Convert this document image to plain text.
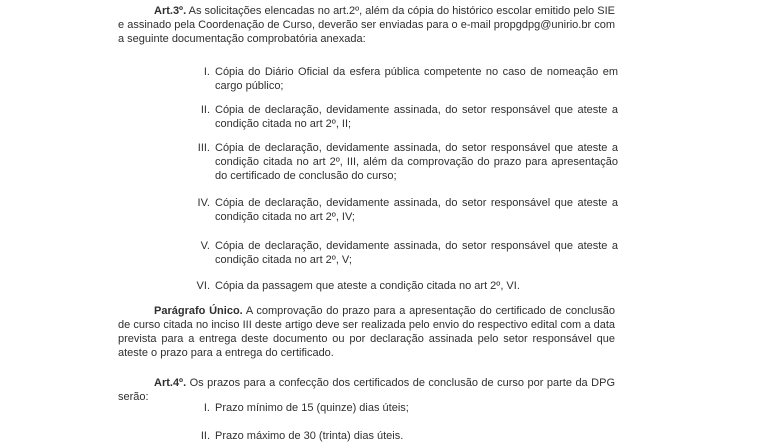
Art.3º. As solicitações elencadas no art.2º, além da cópia do histórico escolar emitido pelo SIE e assinado pela Coordenação de Curso, deverão ser enviadas para o e-mail propgdpg@unirio.br com a seguinte documentação comprobatória anexada:

I. Cópia do Diário Oficial da esfera pública competente no caso de nomeação em cargo público;
II. Cópia de declaração, devidamente assinada, do setor responsável que ateste a condição citada no art 2º, II;
III. Cópia de declaração, devidamente assinada, do setor responsável que ateste a condição citada no art 2º, III, além da comprovação do prazo para apresentação do certificado de conclusão do curso;
IV. Cópia de declaração, devidamente assinada, do setor responsável que ateste a condição citada no art 2º, IV;
V. Cópia de declaração, devidamente assinada, do setor responsável que ateste a condição citada no art 2º, V;
VI. Cópia da passagem que ateste a condição citada no art 2º, VI.

Parágrafo Único. A comprovação do prazo para a apresentação do certificado de conclusão de curso citada no inciso III deste artigo deve ser realizada pelo envio do respectivo edital com a data prevista para a entrega deste documento ou por declaração assinada pelo setor responsável que ateste o prazo para a entrega do certificado.

Art.4º. Os prazos para a confecção dos certificados de conclusão de curso por parte da DPG serão:

I. Prazo mínimo de 15 (quinze) dias úteis;
II. Prazo máximo de 30 (trinta) dias úteis.
